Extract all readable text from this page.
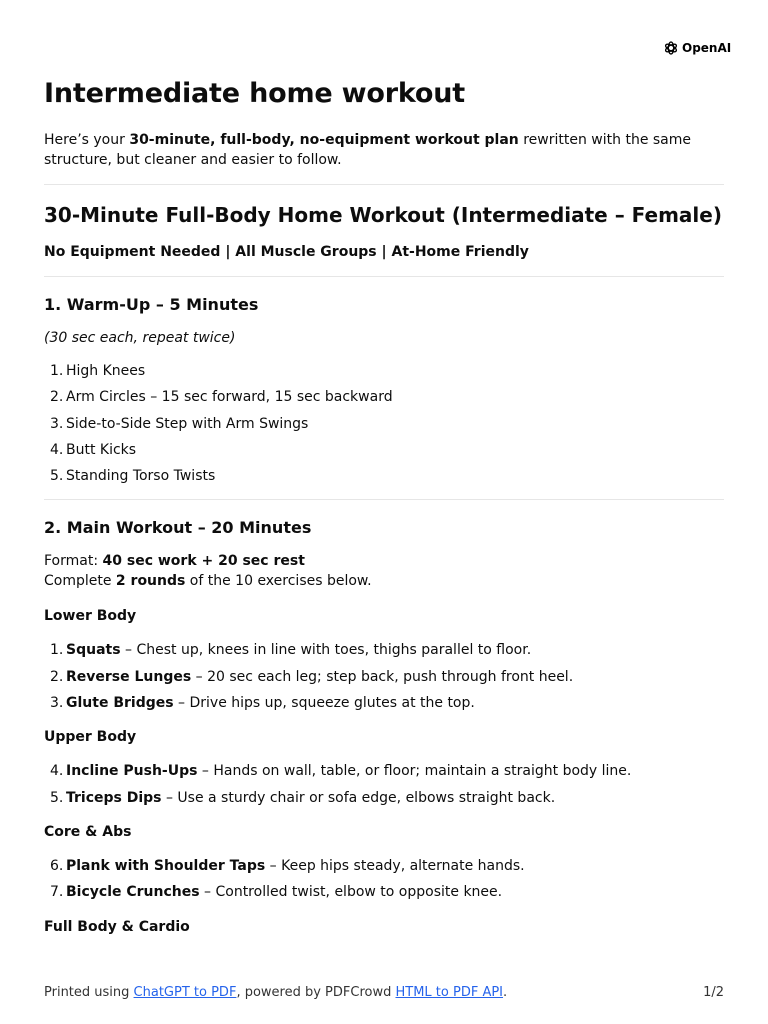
OpenAI
Intermediate home workout

Here’s your 30-minute, full-body, no-equipment workout plan rewritten with the same structure, but cleaner and easier to follow.

30-Minute Full-Body Home Workout (Intermediate – Female)

No Equipment Needed | All Muscle Groups | At-Home Friendly

1. Warm-Up – 5 Minutes

(30 sec each, repeat twice)

1. High Knees
2. Arm Circles – 15 sec forward, 15 sec backward
3. Side-to-Side Step with Arm Swings
4. Butt Kicks
5. Standing Torso Twists
2. Main Workout – 20 Minutes

Format: 40 sec work + 20 sec rest

Complete 2 rounds of the 10 exercises below.

Lower Body

1. Squats – Chest up, knees in line with toes, thighs parallel to floor.
2. Reverse Lunges – 20 sec each leg; step back, push through front heel.
3. Glute Bridges – Drive hips up, squeeze glutes at the top.

Upper Body

4. Incline Push-Ups – Hands on wall, table, or floor; maintain a straight body line.
5. Triceps Dips – Use a sturdy chair or sofa edge, elbows straight back.

Core & Abs

6. Plank with Shoulder Taps – Keep hips steady, alternate hands.
7. Bicycle Crunches – Controlled twist, elbow to opposite knee.

Full Body & Cardio

Printed using ChatGPT to PDF, powered by PDFCrowd HTML to PDF API.	1/2
